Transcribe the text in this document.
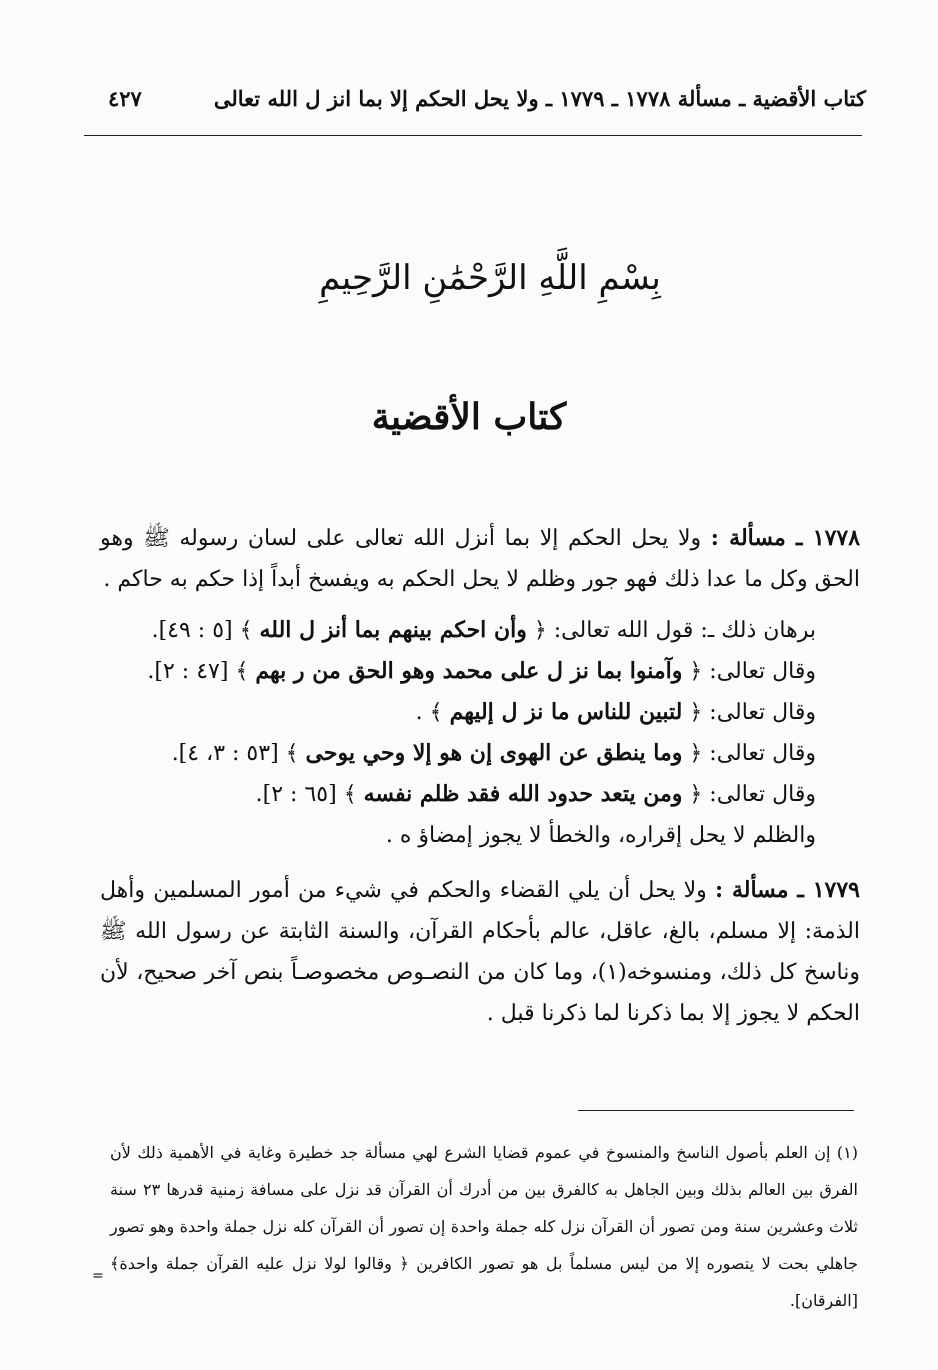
كتاب الأقضية ـ مسألة ١٧٧٨ ـ ١٧٧٩ ـ ولا يحل الحكم إلا بما انز ل الله تعالى
٤٢٧
بِسْمِ اللَّهِ الرَّحْمَٰنِ الرَّحِيمِ
كتاب الأقضية

١٧٧٨ ـ مسألة : ولا يحل الحكم إلا بما أنزل الله تعالى على لسان رسوله ﷺ وهو الحق وكل ما عدا ذلك فهو جور وظلم لا يحل الحكم به ويفسخ أبداً إذا حكم به حاكم .

برهان ذلك ـ: قول الله تعالى: ﴿ وأن احكم بينهم بما أنز ل الله ﴾ [٥ : ٤٩].

وقال تعالى: ﴿ وآمنوا بما نز ل على محمد وهو الحق من ر بهم ﴾ [٤٧ : ٢].

وقال تعالى: ﴿ لتبين للناس ما نز ل إليهم ﴾ .

وقال تعالى: ﴿ وما ينطق عن الهوى إن هو إلا وحي يوحى ﴾ [٥٣ : ٣، ٤].

وقال تعالى: ﴿ ومن يتعد حدود الله فقد ظلم نفسه ﴾ [٦٥ : ٢].

والظلم لا يحل إقراره، والخطأ لا يجوز إمضاؤ ه .

١٧٧٩ ـ مسألة : ولا يحل أن يلي القضاء والحكم في شيء من أمور المسلمين وأهل الذمة: إلا مسلم، بالغ، عاقل، عالم بأحكام القرآن، والسنة الثابتة عن رسول الله ﷺ وناسخ كل ذلك، ومنسوخه(١)، وما كان من النصـوص مخصوصـاً بنص آخر صحيح، لأن الحكم لا يجوز إلا بما ذكرنا لما ذكرنا قبل .

(١) إن العلم بأصول الناسخ والمنسوخ في عموم قضايا الشرع لهي مسألة جد خطيرة وغاية في الأهمية ذلك لأن الفرق بين العالم بذلك وبين الجاهل به كالفرق بين من أدرك أن القرآن قد نزل على مسافة زمنية قدرها ٢٣ سنة ثلاث وعشرين سنة ومن تصور أن القرآن نزل كله جملة واحدة إن تصور أن القرآن كله نزل جملة واحدة وهو تصور جاهلي بحت لا يتصوره إلا من ليس مسلماً بل هو تصور الكافرين ﴿ وقالوا لولا نزل عليه القرآن جملة واحدة﴾ [الفرقان].
=
